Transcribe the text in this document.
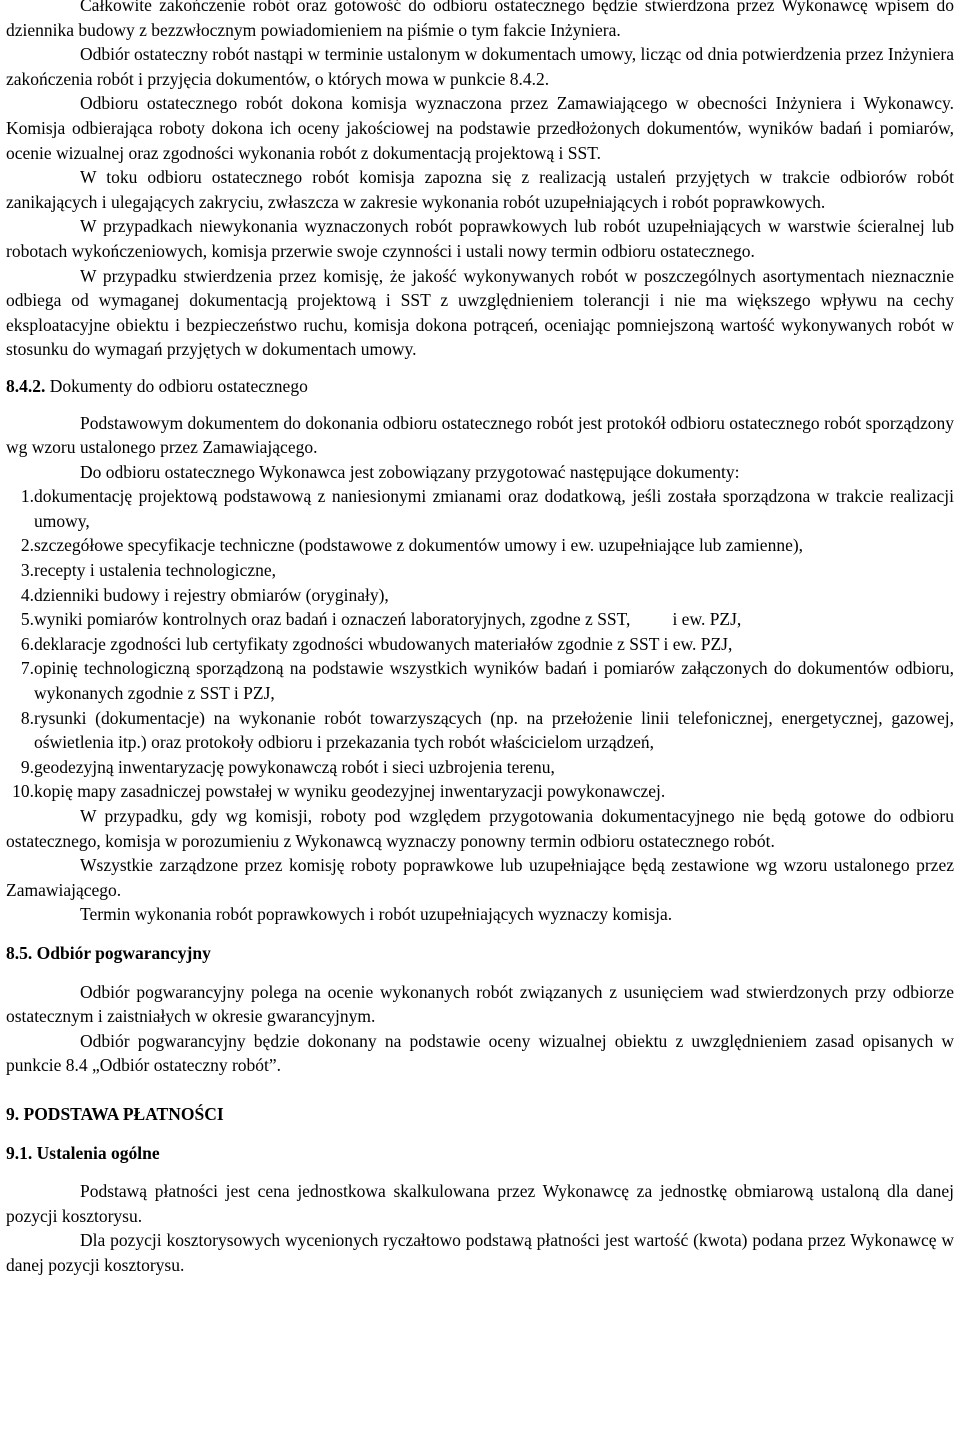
Całkowite zakończenie robót oraz gotowość do odbioru ostatecznego będzie stwierdzona przez Wykonawcę wpisem do dziennika budowy z bezzwłocznym powiadomieniem na piśmie o tym fakcie Inżyniera.

Odbiór ostateczny robót nastąpi w terminie ustalonym w dokumentach umowy, licząc od dnia potwierdzenia przez Inżyniera zakończenia robót i przyjęcia dokumentów, o których mowa w punkcie 8.4.2.

Odbioru ostatecznego robót dokona komisja wyznaczona przez Zamawiającego w obecności Inżyniera i Wykonawcy. Komisja odbierająca roboty dokona ich oceny jakościowej na podstawie przedłożonych dokumentów, wyników badań i pomiarów, ocenie wizualnej oraz zgodności wykonania robót z dokumentacją projektową i SST.

W toku odbioru ostatecznego robót komisja zapozna się z realizacją ustaleń przyjętych w trakcie odbiorów robót zanikających i ulegających zakryciu, zwłaszcza w zakresie wykonania robót uzupełniających i robót poprawkowych.

W przypadkach niewykonania wyznaczonych robót poprawkowych lub robót uzupełniających w warstwie ścieralnej lub robotach wykończeniowych, komisja przerwie swoje czynności i ustali nowy termin odbioru ostatecznego.

W przypadku stwierdzenia przez komisję, że jakość wykonywanych robót w poszczególnych asortymentach nieznacznie odbiega od wymaganej dokumentacją projektową i SST z uwzględnieniem tolerancji i nie ma większego wpływu na cechy eksploatacyjne obiektu i bezpieczeństwo ruchu, komisja dokona potrąceń, oceniając pomniejszoną wartość wykonywanych robót w stosunku do wymagań przyjętych w dokumentach umowy.

8.4.2. Dokumenty do odbioru ostatecznego

Podstawowym dokumentem do dokonania odbioru ostatecznego robót jest protokół odbioru ostatecznego robót sporządzony wg wzoru ustalonego przez Zamawiającego.

Do odbioru ostatecznego Wykonawca jest zobowiązany przygotować następujące dokumenty:

1. dokumentację projektową podstawową z naniesionymi zmianami oraz dodatkową, jeśli została sporządzona w trakcie realizacji umowy,
2. szczegółowe specyfikacje techniczne (podstawowe z dokumentów umowy i ew. uzupełniające lub zamienne),
3. recepty i ustalenia technologiczne,
4. dzienniki budowy i rejestry obmiarów (oryginały),
5. wyniki pomiarów kontrolnych oraz badań i oznaczeń laboratoryjnych, zgodne z SST, i ew. PZJ,
6. deklaracje zgodności lub certyfikaty zgodności wbudowanych materiałów zgodnie z SST i ew. PZJ,
7. opinię technologiczną sporządzoną na podstawie wszystkich wyników badań i pomiarów załączonych do dokumentów odbioru, wykonanych zgodnie z SST i PZJ,
8. rysunki (dokumentacje) na wykonanie robót towarzyszących (np. na przełożenie linii telefonicznej, energetycznej, gazowej, oświetlenia itp.) oraz protokoły odbioru i przekazania tych robót właścicielom urządzeń,
9. geodezyjną inwentaryzację powykonawczą robót i sieci uzbrojenia terenu,
10. kopię mapy zasadniczej powstałej w wyniku geodezyjnej inwentaryzacji powykonawczej.

W przypadku, gdy wg komisji, roboty pod względem przygotowania dokumentacyjnego nie będą gotowe do odbioru ostatecznego, komisja w porozumieniu z Wykonawcą wyznaczy ponowny termin odbioru ostatecznego robót.

Wszystkie zarządzone przez komisję roboty poprawkowe lub uzupełniające będą zestawione wg wzoru ustalonego przez Zamawiającego.

Termin wykonania robót poprawkowych i robót uzupełniających wyznaczy komisja.

8.5. Odbiór pogwarancyjny

Odbiór pogwarancyjny polega na ocenie wykonanych robót związanych z usunięciem wad stwierdzonych przy odbiorze ostatecznym i zaistniałych w okresie gwarancyjnym.

Odbiór pogwarancyjny będzie dokonany na podstawie oceny wizualnej obiektu z uwzględnieniem zasad opisanych w punkcie 8.4 „Odbiór ostateczny robót”.

9. PODSTAWA PŁATNOŚCI
9.1. Ustalenia ogólne

Podstawą płatności jest cena jednostkowa skalkulowana przez Wykonawcę za jednostkę obmiarową ustaloną dla danej pozycji kosztorysu.

Dla pozycji kosztorysowych wycenionych ryczałtowo podstawą płatności jest wartość (kwota) podana przez Wykonawcę w danej pozycji kosztorysu.
